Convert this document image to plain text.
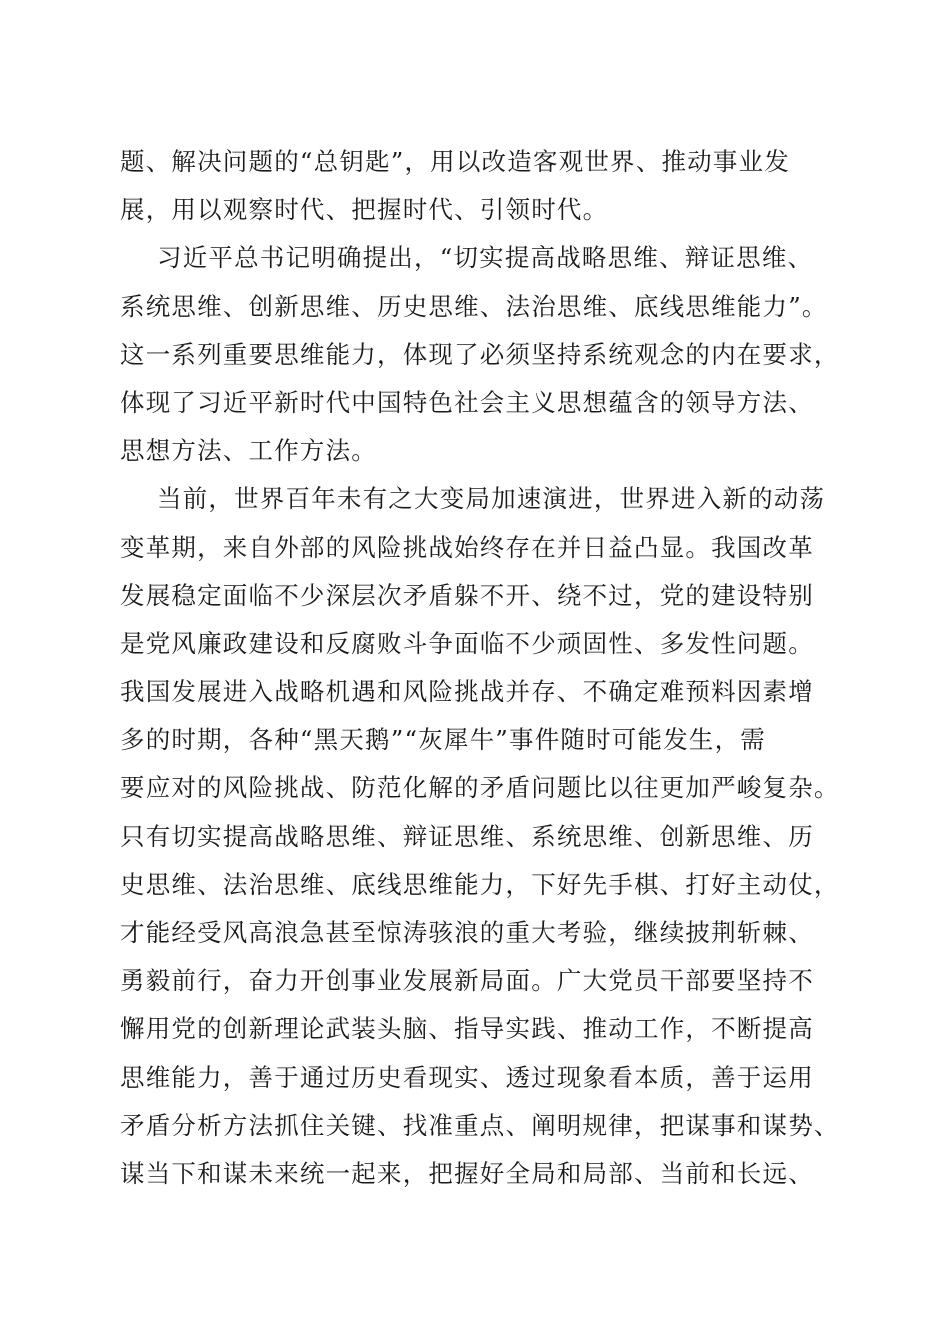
题、解决问题的“总钥匙”，用以改造客观世界、推动事业发
展，用以观察时代、把握时代、引领时代。
习近平总书记明确提出，“切实提高战略思维、辩证思维、
系统思维、创新思维、历史思维、法治思维、底线思维能力”。
这一系列重要思维能力，体现了必须坚持系统观念的内在要求，
体现了习近平新时代中国特色社会主义思想蕴含的领导方法、
思想方法、工作方法。
当前，世界百年未有之大变局加速演进，世界进入新的动荡
变革期，来自外部的风险挑战始终存在并日益凸显。我国改革
发展稳定面临不少深层次矛盾躲不开、绕不过，党的建设特别
是党风廉政建设和反腐败斗争面临不少顽固性、多发性问题。
我国发展进入战略机遇和风险挑战并存、不确定难预料因素增
多的时期，各种“黑天鹅”“灰犀牛”事件随时可能发生，需
要应对的风险挑战、防范化解的矛盾问题比以往更加严峻复杂。
只有切实提高战略思维、辩证思维、系统思维、创新思维、历
史思维、法治思维、底线思维能力，下好先手棋、打好主动仗，
才能经受风高浪急甚至惊涛骇浪的重大考验，继续披荆斩棘、
勇毅前行，奋力开创事业发展新局面。广大党员干部要坚持不
懈用党的创新理论武装头脑、指导实践、推动工作，不断提高
思维能力，善于通过历史看现实、透过现象看本质，善于运用
矛盾分析方法抓住关键、找准重点、阐明规律，把谋事和谋势、
谋当下和谋未来统一起来，把握好全局和局部、当前和长远、
